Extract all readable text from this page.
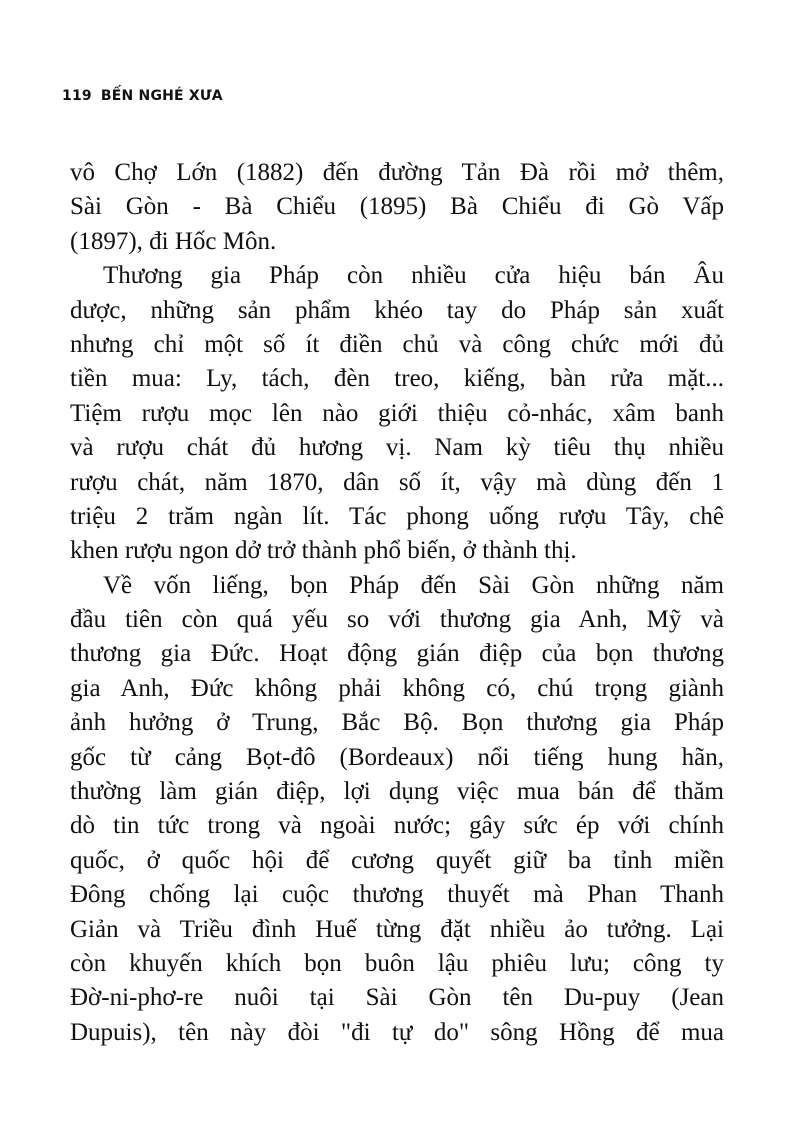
119 BẾN NGHÉ XƯA
vô Chợ Lớn (1882) đến đường Tản Đà rồi mở thêm,
Sài Gòn - Bà Chiểu (1895) Bà Chiểu đi Gò Vấp
(1897), đi Hốc Môn.
Thương gia Pháp còn nhiều cửa hiệu bán Âu
dược, những sản phẩm khéo tay do Pháp sản xuất
nhưng chỉ một số ít điền chủ và công chức mới đủ
tiền mua: Ly, tách, đèn treo, kiếng, bàn rửa mặt...
Tiệm rượu mọc lên nào giới thiệu cỏ-nhác, xâm banh
và rượu chát đủ hương vị. Nam kỳ tiêu thụ nhiều
rượu chát, năm 1870, dân số ít, vậy mà dùng đến 1
triệu 2 trăm ngàn lít. Tác phong uống rượu Tây, chê
khen rượu ngon dở trở thành phổ biến, ở thành thị.
Về vốn liếng, bọn Pháp đến Sài Gòn những năm
đầu tiên còn quá yếu so với thương gia Anh, Mỹ và
thương gia Đức. Hoạt động gián điệp của bọn thương
gia Anh, Đức không phải không có, chú trọng giành
ảnh hưởng ở Trung, Bắc Bộ. Bọn thương gia Pháp
gốc từ cảng Bọt-đô (Bordeaux) nổi tiếng hung hãn,
thường làm gián điệp, lợi dụng việc mua bán để thăm
dò tin tức trong và ngoài nước; gây sức ép với chính
quốc, ở quốc hội để cương quyết giữ ba tỉnh miền
Đông chống lại cuộc thương thuyết mà Phan Thanh
Giản và Triều đình Huế từng đặt nhiều ảo tưởng. Lại
còn khuyến khích bọn buôn lậu phiêu lưu; công ty
Đờ-ni-phơ-re nuôi tại Sài Gòn tên Du-puy (Jean
Dupuis), tên này đòi "đi tự do" sông Hồng để mua
